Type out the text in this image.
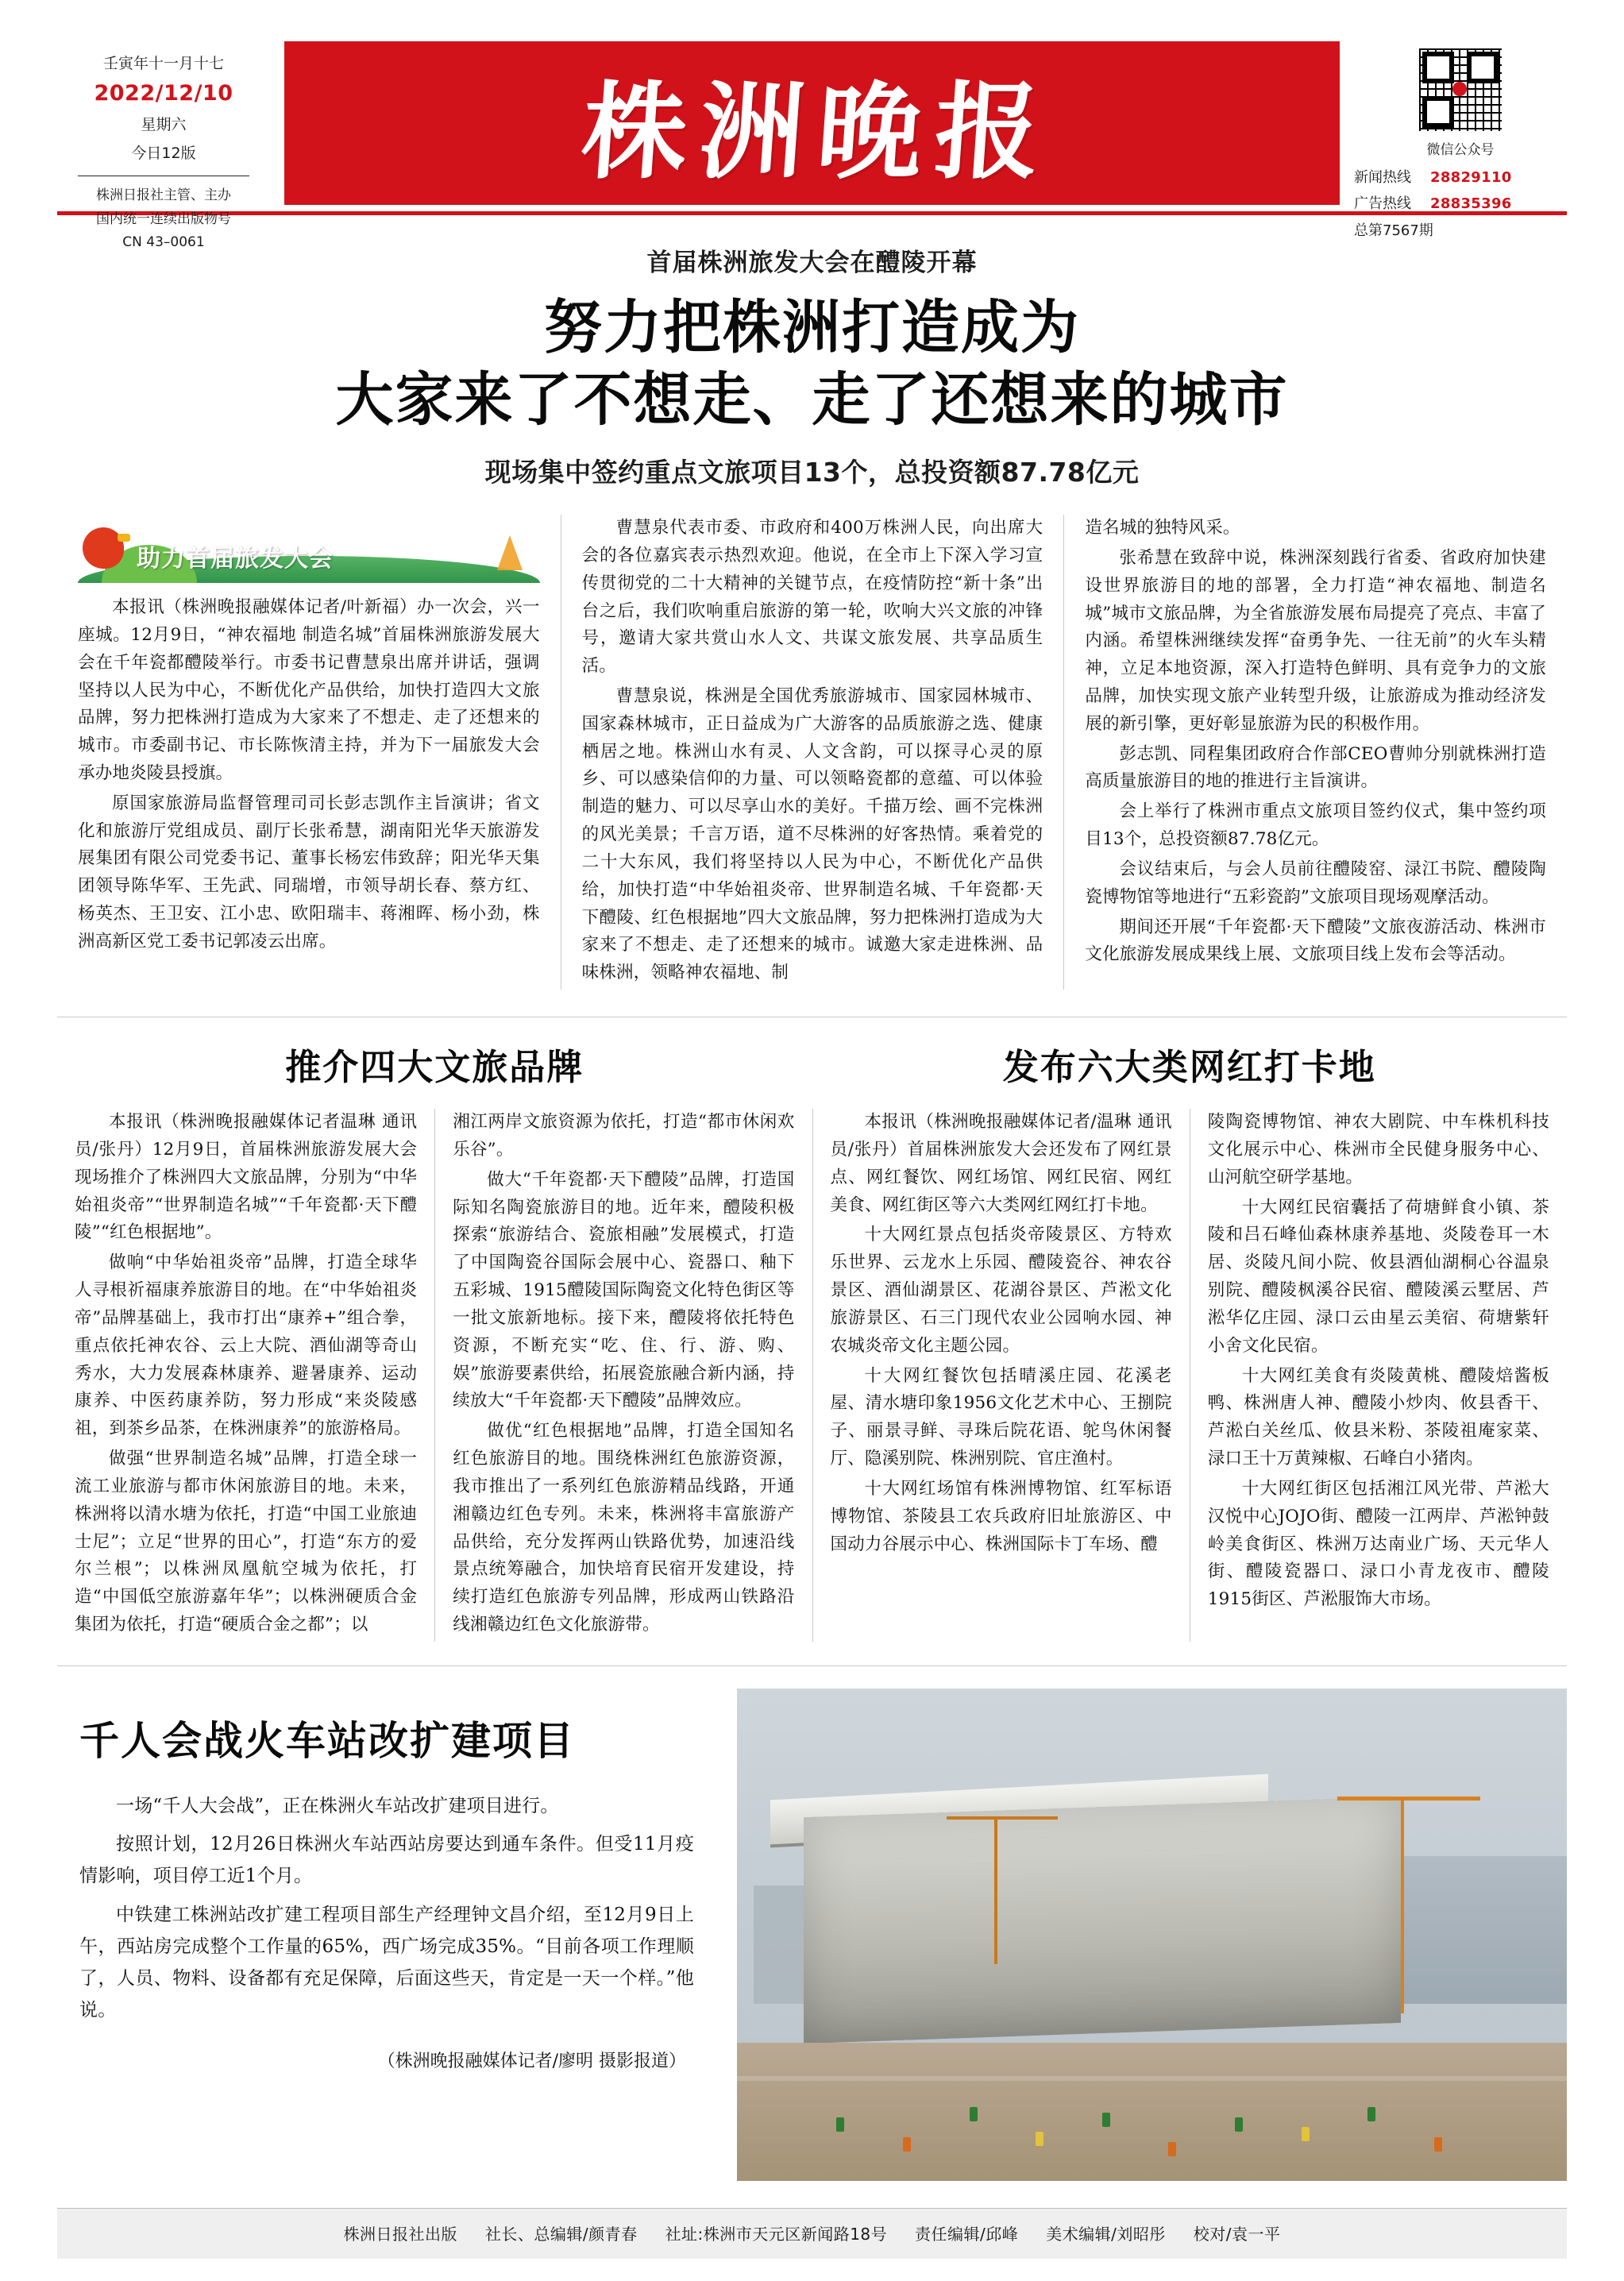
壬寅年十一月十七
2022/12/10
星期六
今日12版
株洲日报社主管、主办
国内统一连续出版物号
CN 43–0061
株洲晚报	微信公众号
新闻热线	28829110
广告热线	28835396
总第7567期
首届株洲旅发大会在醴陵开幕
努力把株洲打造成为
大家来了不想走、走了还想来的城市
现场集中签约重点文旅项目13个，总投资额87.78亿元
助力首届旅发大会

本报讯（株洲晚报融媒体记者/叶新福）办一次会，兴一座城。12月9日，“神农福地 制造名城”首届株洲旅游发展大会在千年瓷都醴陵举行。市委书记曹慧泉出席并讲话，强调坚持以人民为中心，不断优化产品供给，加快打造四大文旅品牌，努力把株洲打造成为大家来了不想走、走了还想来的城市。市委副书记、市长陈恢清主持，并为下一届旅发大会承办地炎陵县授旗。

原国家旅游局监督管理司司长彭志凯作主旨演讲；省文化和旅游厅党组成员、副厅长张希慧，湖南阳光华天旅游发展集团有限公司党委书记、董事长杨宏伟致辞；阳光华天集团领导陈华军、王先武、同瑞增，市领导胡长春、蔡方红、杨英杰、王卫安、江小忠、欧阳瑞丰、蒋湘晖、杨小劲，株洲高新区党工委书记郭凌云出席。

曹慧泉代表市委、市政府和400万株洲人民，向出席大会的各位嘉宾表示热烈欢迎。他说，在全市上下深入学习宣传贯彻党的二十大精神的关键节点，在疫情防控“新十条”出台之后，我们吹响重启旅游的第一轮，吹响大兴文旅的冲锋号，邀请大家共赏山水人文、共谋文旅发展、共享品质生活。

曹慧泉说，株洲是全国优秀旅游城市、国家园林城市、国家森林城市，正日益成为广大游客的品质旅游之选、健康栖居之地。株洲山水有灵、人文含韵，可以探寻心灵的原乡、可以感染信仰的力量、可以领略瓷都的意蕴、可以体验制造的魅力、可以尽享山水的美好。千描万绘、画不完株洲的风光美景；千言万语，道不尽株洲的好客热情。乘着党的二十大东风，我们将坚持以人民为中心，不断优化产品供给，加快打造“中华始祖炎帝、世界制造名城、千年瓷都·天下醴陵、红色根据地”四大文旅品牌，努力把株洲打造成为大家来了不想走、走了还想来的城市。诚邀大家走进株洲、品味株洲，领略神农福地、制

造名城的独特风采。

张希慧在致辞中说，株洲深刻践行省委、省政府加快建设世界旅游目的地的部署，全力打造“神农福地、制造名城”城市文旅品牌，为全省旅游发展布局提亮了亮点、丰富了内涵。希望株洲继续发挥“奋勇争先、一往无前”的火车头精神，立足本地资源，深入打造特色鲜明、具有竞争力的文旅品牌，加快实现文旅产业转型升级，让旅游成为推动经济发展的新引擎，更好彰显旅游为民的积极作用。

彭志凯、同程集团政府合作部CEO曹帅分别就株洲打造高质量旅游目的地的推进行主旨演讲。

会上举行了株洲市重点文旅项目签约仪式，集中签约项目13个，总投资额87.78亿元。

会议结束后，与会人员前往醴陵窑、渌江书院、醴陵陶瓷博物馆等地进行“五彩瓷韵”文旅项目现场观摩活动。

期间还开展“千年瓷都·天下醴陵”文旅夜游活动、株洲市文化旅游发展成果线上展、文旅项目线上发布会等活动。

推介四大文旅品牌	发布六大类网红打卡地

本报讯（株洲晚报融媒体记者温琳 通讯员/张丹）12月9日，首届株洲旅游发展大会现场推介了株洲四大文旅品牌，分别为“中华始祖炎帝”“世界制造名城”“千年瓷都·天下醴陵”“红色根据地”。

做响“中华始祖炎帝”品牌，打造全球华人寻根祈福康养旅游目的地。在“中华始祖炎帝”品牌基础上，我市打出“康养+”组合拳，重点依托神农谷、云上大院、酒仙湖等奇山秀水，大力发展森林康养、避暑康养、运动康养、中医药康养防，努力形成“来炎陵感祖，到茶乡品茶，在株洲康养”的旅游格局。

做强“世界制造名城”品牌，打造全球一流工业旅游与都市休闲旅游目的地。未来，株洲将以清水塘为依托，打造“中国工业旅迪士尼”；立足“世界的田心”，打造“东方的爱尔兰根”；以株洲凤凰航空城为依托，打造“中国低空旅游嘉年华”；以株洲硬质合金集团为依托，打造“硬质合金之都”；以

湘江两岸文旅资源为依托，打造“都市休闲欢乐谷”。

做大“千年瓷都·天下醴陵”品牌，打造国际知名陶瓷旅游目的地。近年来，醴陵积极探索“旅游结合、瓷旅相融”发展模式，打造了中国陶瓷谷国际会展中心、瓷器口、釉下五彩城、1915醴陵国际陶瓷文化特色街区等一批文旅新地标。接下来，醴陵将依托特色资源，不断充实“吃、住、行、游、购、娱”旅游要素供给，拓展瓷旅融合新内涵，持续放大“千年瓷都·天下醴陵”品牌效应。

做优“红色根据地”品牌，打造全国知名红色旅游目的地。围绕株洲红色旅游资源，我市推出了一系列红色旅游精品线路，开通湘赣边红色专列。未来，株洲将丰富旅游产品供给，充分发挥两山铁路优势，加速沿线景点统筹融合，加快培育民宿开发建设，持续打造红色旅游专列品牌，形成两山铁路沿线湘赣边红色文化旅游带。

本报讯（株洲晚报融媒体记者/温琳 通讯员/张丹）首届株洲旅发大会还发布了网红景点、网红餐饮、网红场馆、网红民宿、网红美食、网红街区等六大类网红网红打卡地。

十大网红景点包括炎帝陵景区、方特欢乐世界、云龙水上乐园、醴陵瓷谷、神农谷景区、酒仙湖景区、花湖谷景区、芦淞文化旅游景区、石三门现代农业公园响水园、神农城炎帝文化主题公园。

十大网红餐饮包括晴溪庄园、花溪老屋、清水塘印象1956文化艺术中心、王捌院子、丽景寻鲜、寻珠后院花语、鸵鸟休闲餐厅、隐溪别院、株洲别院、官庄渔村。

十大网红场馆有株洲博物馆、红军标语博物馆、茶陵县工农兵政府旧址旅游区、中国动力谷展示中心、株洲国际卡丁车场、醴

陵陶瓷博物馆、神农大剧院、中车株机科技文化展示中心、株洲市全民健身服务中心、山河航空研学基地。

十大网红民宿囊括了荷塘鲜食小镇、茶陵和吕石峰仙森林康养基地、炎陵卷耳一木居、炎陵凡间小院、攸县酒仙湖桐心谷温泉别院、醴陵枫溪谷民宿、醴陵溪云墅居、芦淞华亿庄园、渌口云由星云美宿、荷塘紫轩小舍文化民宿。

十大网红美食有炎陵黄桃、醴陵焙酱板鸭、株洲唐人神、醴陵小炒肉、攸县香干、芦淞白关丝瓜、攸县米粉、茶陵祖庵家菜、渌口王十万黄辣椒、石峰白小猪肉。

十大网红街区包括湘江风光带、芦淞大汉悦中心JOJO街、醴陵一江两岸、芦淞钟鼓岭美食街区、株洲万达南业广场、天元华人街、醴陵瓷器口、渌口小青龙夜市、醴陵1915街区、芦淞服饰大市场。

千人会战火车站改扩建项目

一场“千人大会战”，正在株洲火车站改扩建项目进行。

按照计划，12月26日株洲火车站西站房要达到通车条件。但受11月疫情影响，项目停工近1个月。

中铁建工株洲站改扩建工程项目部生产经理钟文昌介绍，至12月9日上午，西站房完成整个工作量的65%，西广场完成35%。“目前各项工作理顺了，人员、物料、设备都有充足保障，后面这些天，肯定是一天一个样。”他说。

（株洲晚报融媒体记者/廖明 摄影报道）
株洲日报社出版 社长、总编辑/颜青春 社址:株洲市天元区新闻路18号 责任编辑/邱峰 美术编辑/刘昭彤 校对/袁一平
